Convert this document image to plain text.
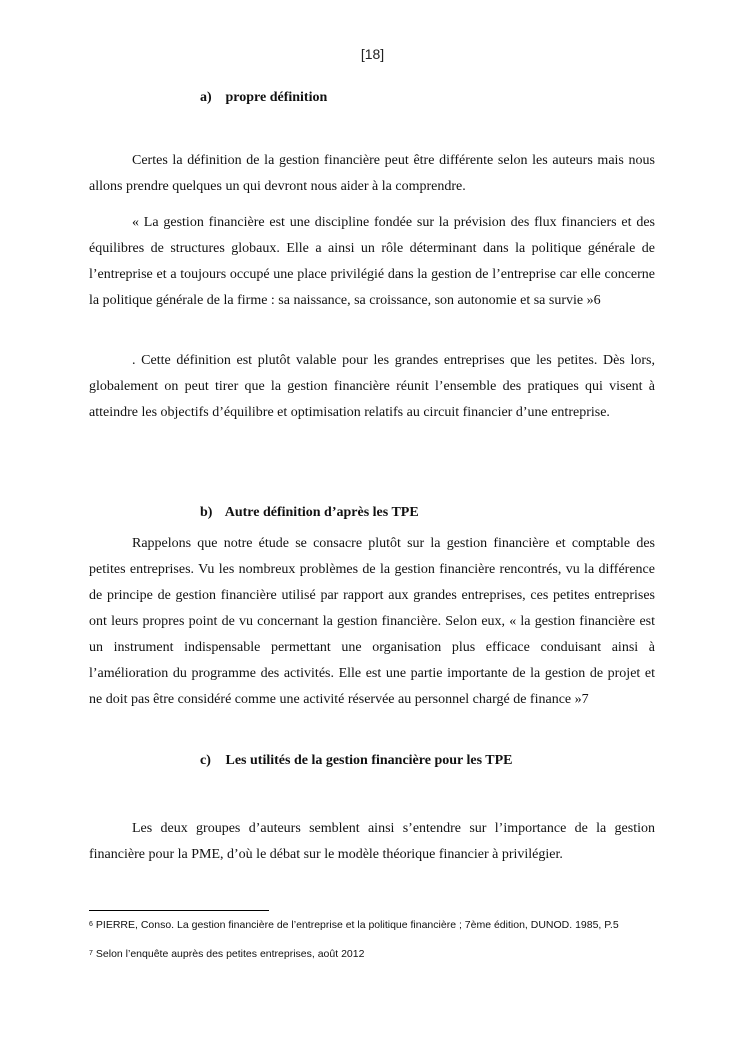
[18]
a) propre définition

Certes la définition de la gestion financière peut être différente selon les auteurs mais nous allons prendre quelques un qui devront nous aider à la comprendre.

« La gestion financière est une discipline fondée sur la prévision des flux financiers et des équilibres de structures globaux. Elle a ainsi un rôle déterminant dans la politique générale de l’entreprise et a toujours occupé une place privilégié dans la gestion de l’entreprise car elle concerne la politique générale de la firme : sa naissance, sa croissance, son autonomie et sa survie »6

. Cette définition est plutôt valable pour les grandes entreprises que les petites. Dès lors, globalement on peut tirer que la gestion financière réunit l’ensemble des pratiques qui visent à atteindre les objectifs d’équilibre et optimisation relatifs au circuit financier d’une entreprise.

b) Autre définition d’après les TPE

Rappelons que notre étude se consacre plutôt sur la gestion financière et comptable des petites entreprises. Vu les nombreux problèmes de la gestion financière rencontrés, vu la différence de principe de gestion financière utilisé par rapport aux grandes entreprises, ces petites entreprises ont leurs propres point de vu concernant la gestion financière. Selon eux, « la gestion financière est un instrument indispensable permettant une organisation plus efficace conduisant ainsi à l’amélioration du programme des activités. Elle est une partie importante de la gestion de projet et ne doit pas être considéré comme une activité réservée au personnel chargé de finance »7

c) Les utilités de la gestion financière pour les TPE

Les deux groupes d’auteurs semblent ainsi s’entendre sur l’importance de la gestion financière pour la PME, d’où le débat sur le modèle théorique financier à privilégier.

$^6$ PIERRE, Conso. La gestion financière de l’entreprise et la politique financière ; 7ème édition, DUNOD. 1985, P.5
$^7$ Selon l’enquête auprès des petites entreprises, août 2012
